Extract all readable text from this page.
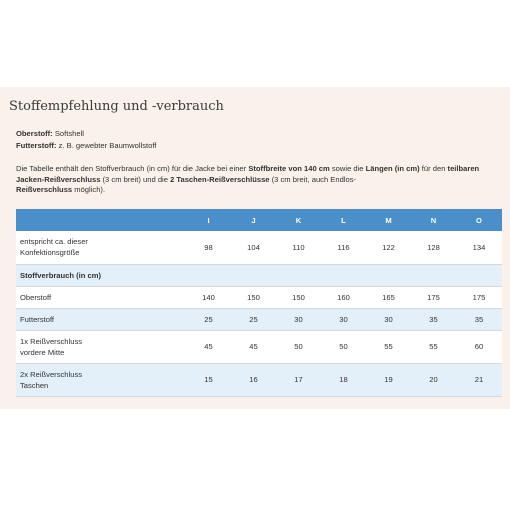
Stoffempfehlung und -verbrauch
Oberstoff: Softshell
Futterstoff: z. B. gewebter Baumwollstoff
Die Tabelle enthält den Stoffverbrauch (in cm) für die Jacke bei einer Stoffbreite von 140 cm sowie die Längen (in cm) für den teilbaren Jacken-Reißverschluss (3 cm breit) und die 2 Taschen-Reißverschlüsse (3 cm breit, auch Endlos-
Reißverschluss möglich).
	I	J	K	L	M	N	O
entspricht ca. dieser
Konfektionsgröße	98	104	110	116	122	128	134
Stoffverbrauch (in cm)							
Oberstoff	140	150	150	160	165	175	175
Futterstoff	25	25	30	30	30	35	35
1x Reißverschluss
vordere Mitte	45	45	50	50	55	55	60
2x Reißverschluss
Taschen	15	16	17	18	19	20	21
